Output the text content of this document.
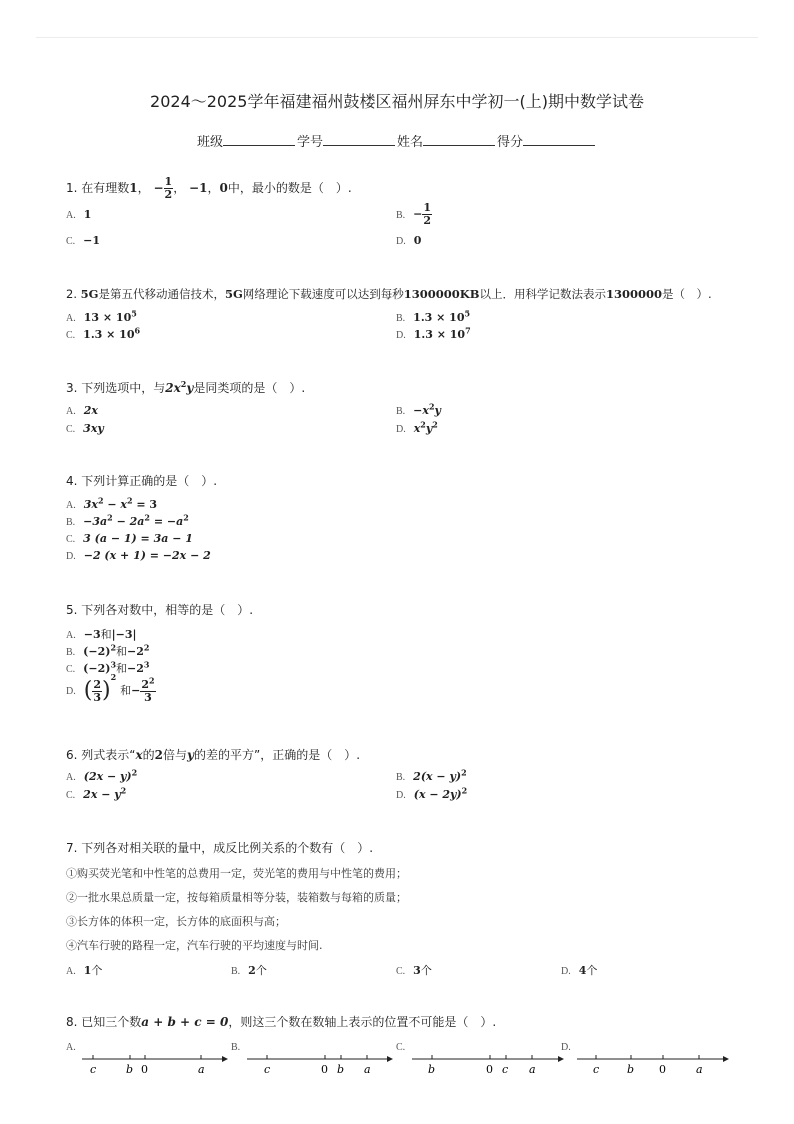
2024～2025学年福建福州鼓楼区福州屏东中学初一(上)期中数学试卷
班级	学号	姓名	得分
1. 在有理数1， − $\frac{1}{2}$ ， −1，0中，最小的数是（　）.
A. 1	B. − $\frac{1}{2}$
C. −1	D. 0
2. 5G是第五代移动通信技术，5G网络理论下载速度可以达到每秒1300000KB以上．用科学记数法表示1300000是（　）.
A. $13 \times 10^5$	B. $1.3 \times 10^5$
C. $1.3 \times 10^6$	D. $1.3 \times 10^7$
3. 下列选项中，与$2x^2y$是同类项的是（　）.
A. 2x	B. $-x^2y$
C. 3xy	D. $x^2y^2$
4. 下列计算正确的是（　）.
A. $3x^2 - x^2 = 3$
B. $-3a^2 - 2a^2 = -a^2$
C. 3 (a − 1) = 3a − 1
D. −2 (x + 1) = −2x − 2
5. 下列各对数中，相等的是（　）.
A. −3和|−3|
B. $(-2)^2$和$-2^2$
C. $(-2)^3$和$-2^3$
D. ( $\frac{2}{3} )^2$和− $\frac{2^2}{3}$
6. 列式表示“x的2倍与y的差的平方”，正确的是（　）.
A. $(2x - y)^2$	B. $2(x - y)^2$
C. $2x - y^2$	D. $(x - 2y)^2$
7. 下列各对相关联的量中，成反比例关系的个数有（　）.
①购买荧光笔和中性笔的总费用一定，荧光笔的费用与中性笔的费用；
②一批水果总质量一定，按每箱质量相等分装，装箱数与每箱的质量；
③长方体的体积一定，长方体的底面积与高；
④汽车行驶的路程一定，汽车行驶的平均速度与时间.
A. 1个	B. 2个	C. 3个	D. 4个
8. 已知三个数a + b + c = 0，则这三个数在数轴上表示的位置不可能是（　）.
A.
c	b 0	a
B.
c	0 b a
C.
b	0 c a
D.
c	b 0	a
